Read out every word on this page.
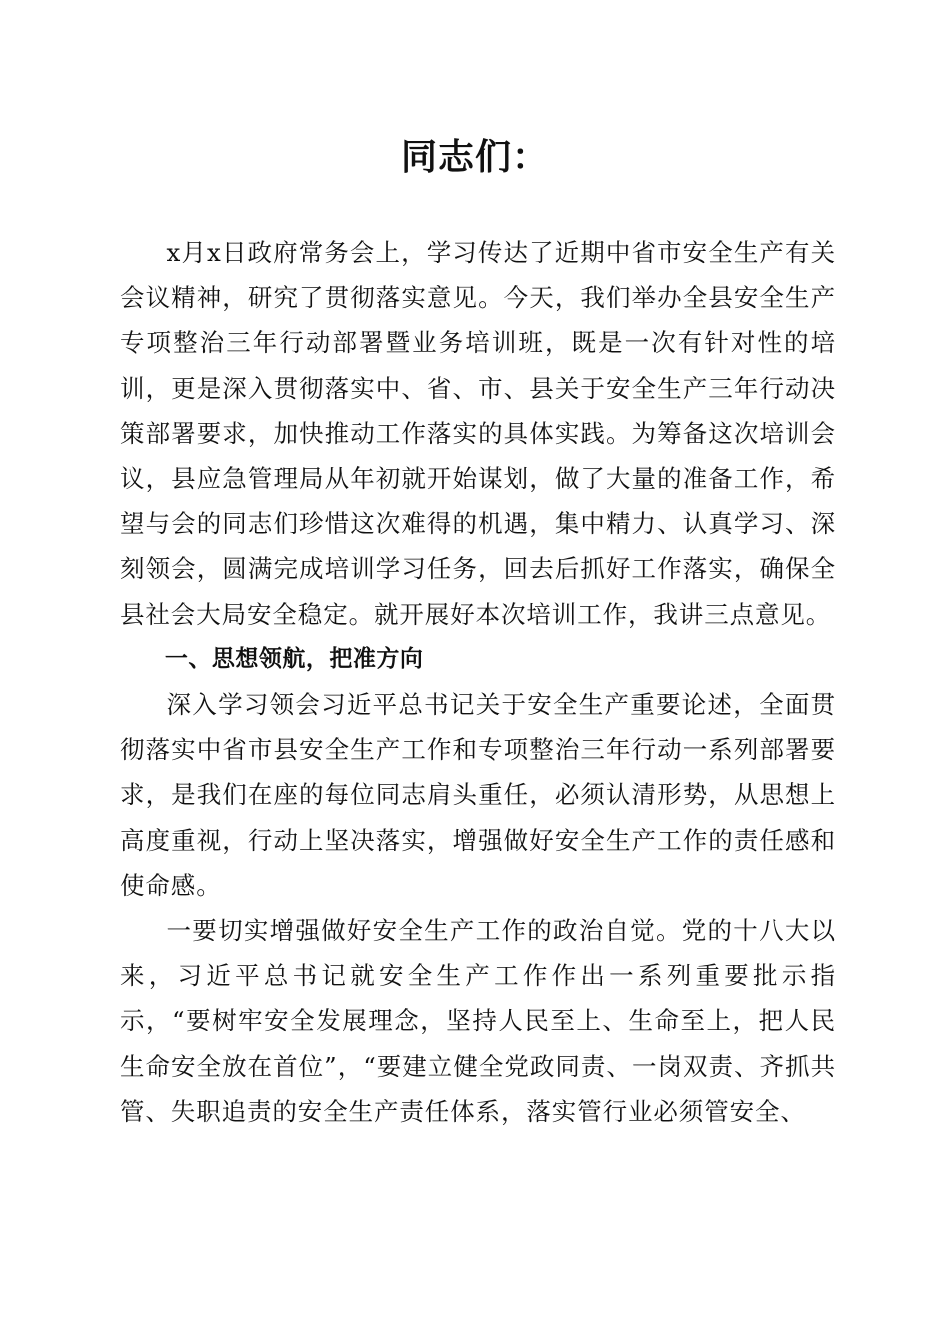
同志们：

x月x日政府常务会上，学习传达了近期中省市安全生产有关会议精神，研究了贯彻落实意见。今天，我们举办全县安全生产专项整治三年行动部署暨业务培训班，既是一次有针对性的培训，更是深入贯彻落实中、省、市、县关于安全生产三年行动决策部署要求，加快推动工作落实的具体实践。为筹备这次培训会议，县应急管理局从年初就开始谋划，做了大量的准备工作，希望与会的同志们珍惜这次难得的机遇，集中精力、认真学习、深刻领会，圆满完成培训学习任务，回去后抓好工作落实，确保全县社会大局安全稳定。就开展好本次培训工作，我讲三点意见。

一、思想领航，把准方向

深入学习领会习近平总书记关于安全生产重要论述，全面贯彻落实中省市县安全生产工作和专项整治三年行动一系列部署要求，是我们在座的每位同志肩头重任，必须认清形势，从思想上高度重视，行动上坚决落实，增强做好安全生产工作的责任感和使命感。

一要切实增强做好安全生产工作的政治自觉。党的十八大以来，习近平总书记就安全生产工作作出一系列重要批示指示，“要树牢安全发展理念，坚持人民至上、生命至上，把人民生命安全放在首位”，“要建立健全党政同责、一岗双责、齐抓共管、失职追责的安全生产责任体系，落实管行业必须管安全、
